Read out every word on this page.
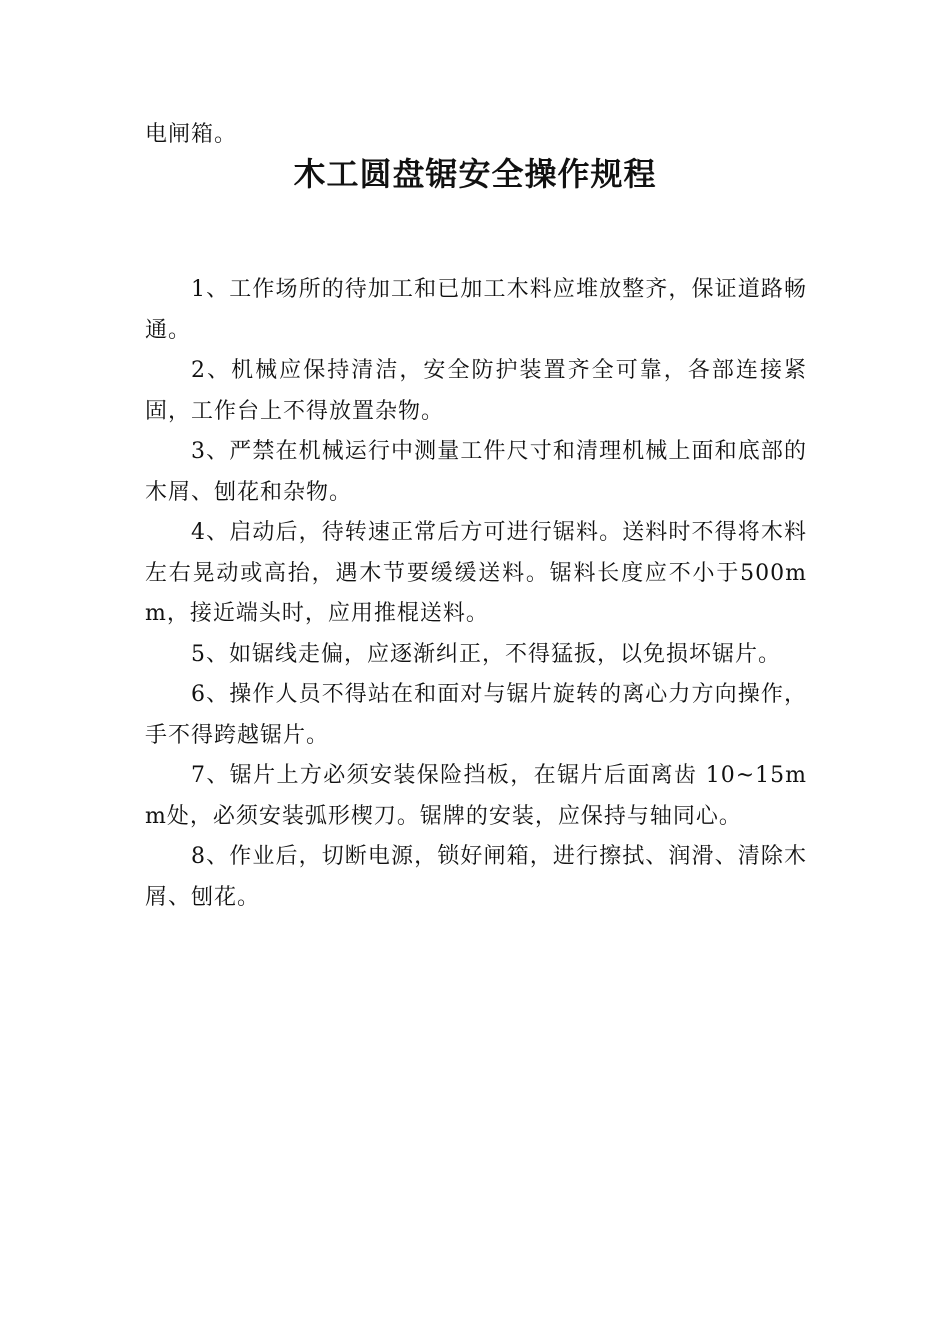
电闸箱。

木工圆盘锯安全操作规程
1、工作场所的待加工和已加工木料应堆放整齐，保证道路畅通。
2、机械应保持清洁，安全防护装置齐全可靠，各部连接紧固，工作台上不得放置杂物。
3、严禁在机械运行中测量工件尺寸和清理机械上面和底部的木屑、刨花和杂物。
4、启动后，待转速正常后方可进行锯料。送料时不得将木料左右晃动或高抬，遇木节要缓缓送料。锯料长度应不小于500mm，接近端头时，应用推棍送料。
5、如锯线走偏，应逐渐纠正，不得猛扳，以免损坏锯片。
6、操作人员不得站在和面对与锯片旋转的离心力方向操作，手不得跨越锯片。
7、锯片上方必须安装保险挡板，在锯片后面离齿 10~15mm处，必须安装弧形楔刀。锯牌的安装，应保持与轴同心。
8、作业后，切断电源，锁好闸箱，进行擦拭、润滑、清除木屑、刨花。
